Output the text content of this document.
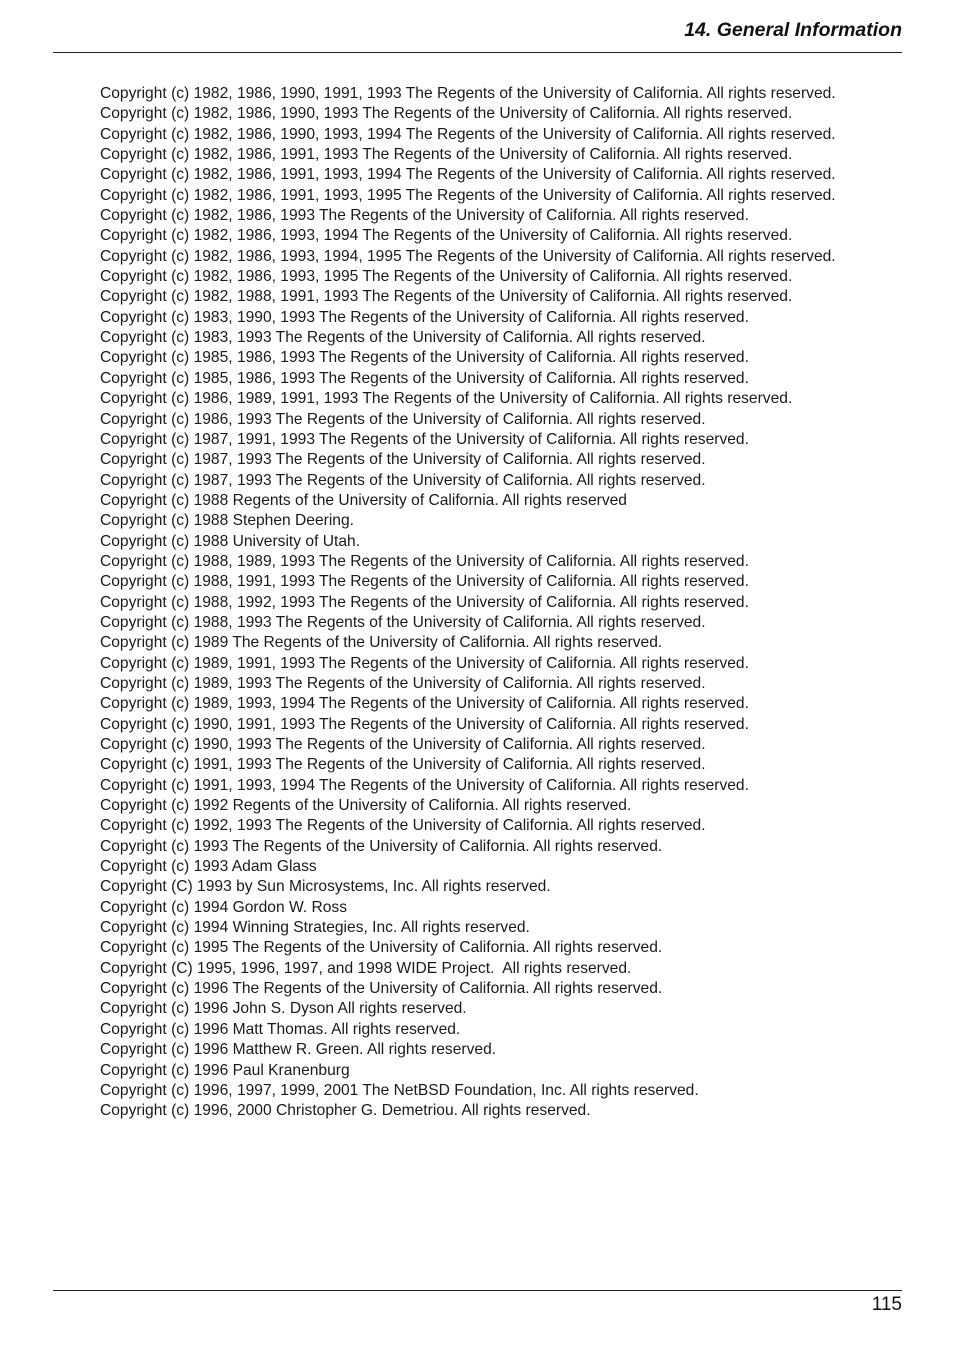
14. General Information
Copyright (c) 1982, 1986, 1990, 1991, 1993 The Regents of the University of California. All rights reserved.
Copyright (c) 1982, 1986, 1990, 1993 The Regents of the University of California. All rights reserved.
Copyright (c) 1982, 1986, 1990, 1993, 1994 The Regents of the University of California. All rights reserved.
Copyright (c) 1982, 1986, 1991, 1993 The Regents of the University of California. All rights reserved.
Copyright (c) 1982, 1986, 1991, 1993, 1994 The Regents of the University of California. All rights reserved.
Copyright (c) 1982, 1986, 1991, 1993, 1995 The Regents of the University of California. All rights reserved.
Copyright (c) 1982, 1986, 1993 The Regents of the University of California. All rights reserved.
Copyright (c) 1982, 1986, 1993, 1994 The Regents of the University of California. All rights reserved.
Copyright (c) 1982, 1986, 1993, 1994, 1995 The Regents of the University of California. All rights reserved.
Copyright (c) 1982, 1986, 1993, 1995 The Regents of the University of California. All rights reserved.
Copyright (c) 1982, 1988, 1991, 1993 The Regents of the University of California. All rights reserved.
Copyright (c) 1983, 1990, 1993 The Regents of the University of California. All rights reserved.
Copyright (c) 1983, 1993 The Regents of the University of California. All rights reserved.
Copyright (c) 1985, 1986, 1993 The Regents of the University of California. All rights reserved.
Copyright (c) 1985, 1986, 1993 The Regents of the University of California. All rights reserved.
Copyright (c) 1986, 1989, 1991, 1993 The Regents of the University of California. All rights reserved.
Copyright (c) 1986, 1993 The Regents of the University of California. All rights reserved.
Copyright (c) 1987, 1991, 1993 The Regents of the University of California. All rights reserved.
Copyright (c) 1987, 1993 The Regents of the University of California. All rights reserved.
Copyright (c) 1987, 1993 The Regents of the University of California. All rights reserved.
Copyright (c) 1988 Regents of the University of California. All rights reserved
Copyright (c) 1988 Stephen Deering.
Copyright (c) 1988 University of Utah.
Copyright (c) 1988, 1989, 1993 The Regents of the University of California. All rights reserved.
Copyright (c) 1988, 1991, 1993 The Regents of the University of California. All rights reserved.
Copyright (c) 1988, 1992, 1993 The Regents of the University of California. All rights reserved.
Copyright (c) 1988, 1993 The Regents of the University of California. All rights reserved.
Copyright (c) 1989 The Regents of the University of California. All rights reserved.
Copyright (c) 1989, 1991, 1993 The Regents of the University of California. All rights reserved.
Copyright (c) 1989, 1993 The Regents of the University of California. All rights reserved.
Copyright (c) 1989, 1993, 1994 The Regents of the University of California. All rights reserved.
Copyright (c) 1990, 1991, 1993 The Regents of the University of California. All rights reserved.
Copyright (c) 1990, 1993 The Regents of the University of California. All rights reserved.
Copyright (c) 1991, 1993 The Regents of the University of California. All rights reserved.
Copyright (c) 1991, 1993, 1994 The Regents of the University of California. All rights reserved.
Copyright (c) 1992 Regents of the University of California. All rights reserved.
Copyright (c) 1992, 1993 The Regents of the University of California. All rights reserved.
Copyright (c) 1993 The Regents of the University of California. All rights reserved.
Copyright (c) 1993 Adam Glass
Copyright (C) 1993 by Sun Microsystems, Inc. All rights reserved.
Copyright (c) 1994 Gordon W. Ross
Copyright (c) 1994 Winning Strategies, Inc. All rights reserved.
Copyright (c) 1995 The Regents of the University of California. All rights reserved.
Copyright (C) 1995, 1996, 1997, and 1998 WIDE Project.  All rights reserved.
Copyright (c) 1996 The Regents of the University of California. All rights reserved.
Copyright (c) 1996 John S. Dyson All rights reserved.
Copyright (c) 1996 Matt Thomas. All rights reserved.
Copyright (c) 1996 Matthew R. Green. All rights reserved.
Copyright (c) 1996 Paul Kranenburg
Copyright (c) 1996, 1997, 1999, 2001 The NetBSD Foundation, Inc. All rights reserved.
Copyright (c) 1996, 2000 Christopher G. Demetriou. All rights reserved.
115
